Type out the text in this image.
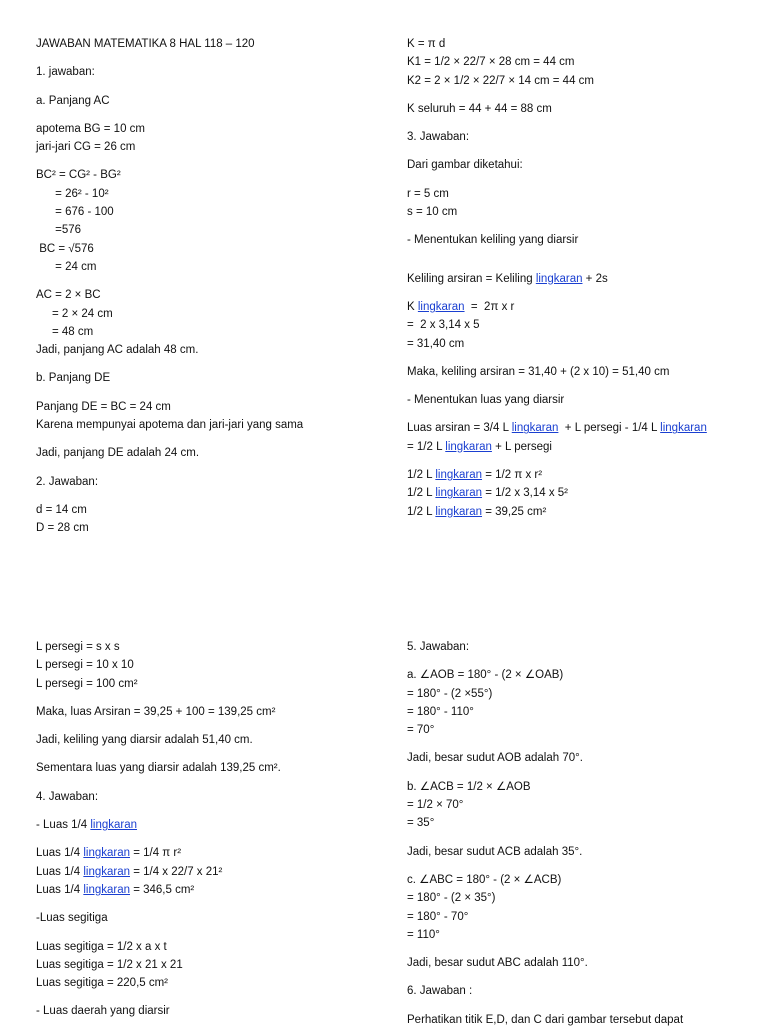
JAWABAN MATEMATIKA 8 HAL 118 – 120
1. jawaban:
a. Panjang AC
apotema BG = 10 cm
jari-jari CG = 26 cm
BC² = CG² - BG²
= 26² - 10²
= 676 - 100
=576
BC = √576
= 24 cm
AC = 2 × BC
= 2 × 24 cm
= 48 cm
Jadi, panjang AC adalah 48 cm.
b. Panjang DE
Panjang DE = BC = 24 cm
Karena mempunyai apotema dan jari-jari yang sama
Jadi, panjang DE adalah 24 cm.
2. Jawaban:
d = 14 cm
D = 28 cm
K = π d
K1 = 1/2 × 22/7 × 28 cm = 44 cm
K2 = 2 × 1/2 × 22/7 × 14 cm = 44 cm
K seluruh = 44 + 44 = 88 cm
3. Jawaban:
Dari gambar diketahui:
r = 5 cm
s = 10 cm
- Menentukan keliling yang diarsir
Keliling arsiran = Keliling lingkaran + 2s
K lingkaran  =  2π x r
=  2 x 3,14 x 5
= 31,40 cm
Maka, keliling arsiran = 31,40 + (2 x 10) = 51,40 cm
- Menentukan luas yang diarsir
Luas arsiran = 3/4 L lingkaran  + L persegi - 1/4 L lingkaran
= 1/2 L lingkaran + L persegi
1/2 L lingkaran = 1/2 π x r²
1/2 L lingkaran = 1/2 x 3,14 x 5²
1/2 L lingkaran = 39,25 cm²
L persegi = s x s
L persegi = 10 x 10
L persegi = 100 cm²
Maka, luas Arsiran = 39,25 + 100 = 139,25 cm²
Jadi, keliling yang diarsir adalah 51,40 cm.
Sementara luas yang diarsir adalah 139,25 cm².
4. Jawaban:
- Luas 1/4 lingkaran
Luas 1/4 lingkaran = 1/4 π r²
Luas 1/4 lingkaran = 1/4 x 22/7 x 21²
Luas 1/4 lingkaran = 346,5 cm²
-Luas segitiga
Luas segitiga = 1/2 x a x t
Luas segitiga = 1/2 x 21 x 21
Luas segitiga = 220,5 cm²
- Luas daerah yang diarsir
5. Jawaban:
a. ∠AOB = 180° - (2 × ∠OAB)
= 180° - (2 ×55°)
= 180° - 110°
= 70°
Jadi, besar sudut AOB adalah 70°.
b. ∠ACB = 1/2 × ∠AOB
= 1/2 × 70°
= 35°
Jadi, besar sudut ACB adalah 35°.
c. ∠ABC = 180° - (2 × ∠ACB)
= 180° - (2 × 35°)
= 180° - 70°
= 110°
Jadi, besar sudut ABC adalah 110°.
6. Jawaban :
Perhatikan titik E,D, dan C dari gambar tersebut dapat
